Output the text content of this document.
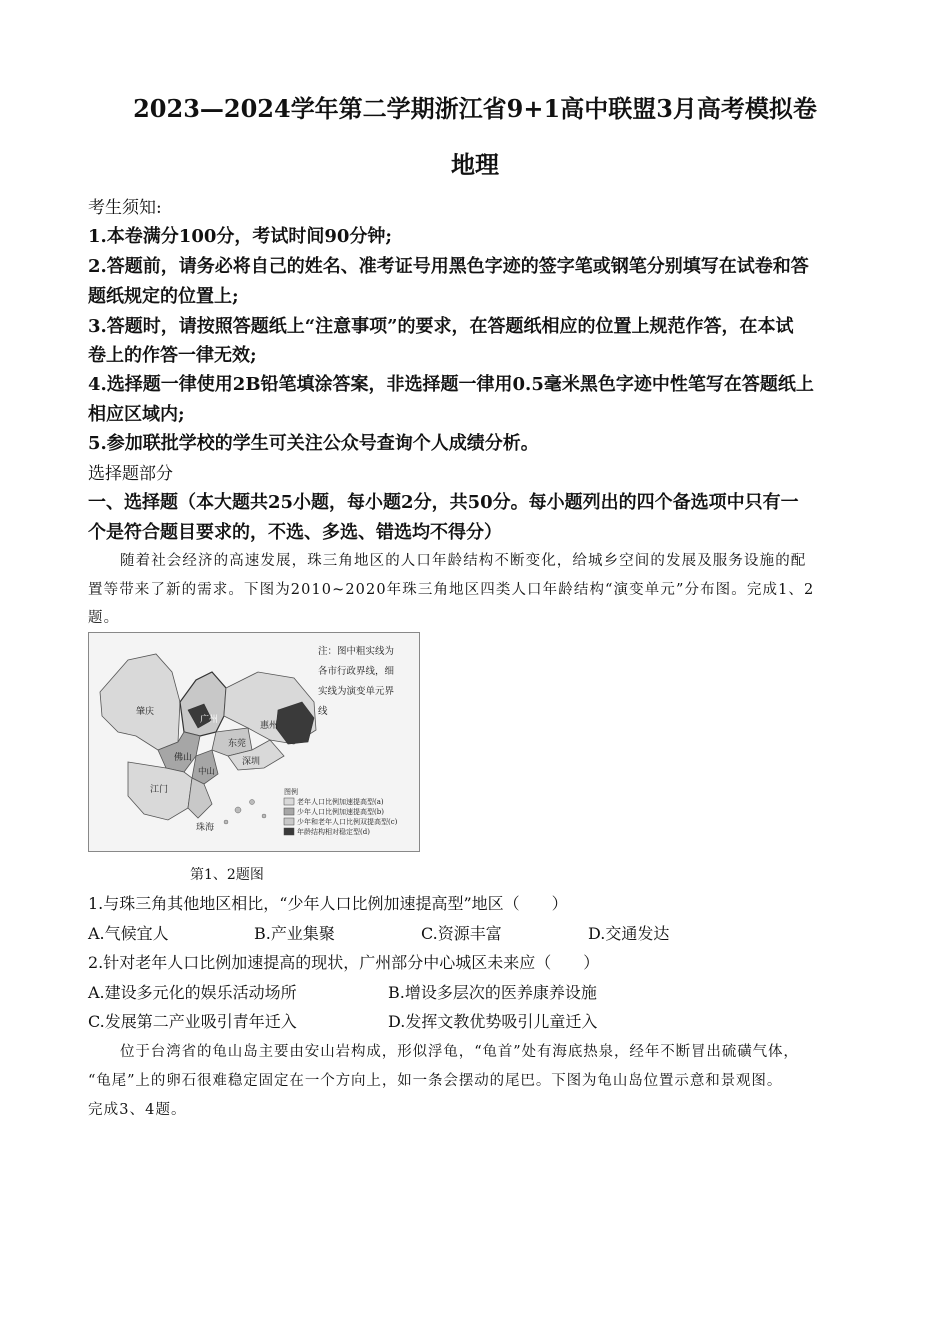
2023—2024学年第二学期浙江省9+1高中联盟3月高考模拟卷
地理
考生须知:
1.本卷满分100分，考试时间90分钟;
2.答题前，请务必将自己的姓名、准考证号用黑色字迹的签字笔或钢笔分别填写在试卷和答
题纸规定的位置上;
3.答题时，请按照答题纸上“注意事项”的要求，在答题纸相应的位置上规范作答，在本试
卷上的作答一律无效;
4.选择题一律使用2B铅笔填涂答案，非选择题一律用0.5毫米黑色字迹中性笔写在答题纸上
相应区域内;
5.参加联批学校的学生可关注公众号查询个人成绩分析。
选择题部分
一、选择题（本大题共25小题，每小题2分，共50分。每小题列出的四个备选项中只有一
个是符合题目要求的，不选、多选、错选均不得分）
随着社会经济的高速发展，珠三角地区的人口年龄结构不断变化，给城乡空间的发展及服务设施的配
置等带来了新的需求。下图为2010~2020年珠三角地区四类人口年龄结构“演变单元”分布图。完成1、2
题。
肇庆
广州
惠州
佛山
东莞
深圳
中山
江门
珠海
注：图中粗实线为
各市行政界线，细
实线为演变单元界
线
图例
老年人口比例加速提高型(a)
少年人口比例加速提高型(b)
少年和老年人口比例双提高型(c)
年龄结构相对稳定型(d)
第1、2题图
1.与珠三角其他地区相比，“少年人口比例加速提高型”地区（　　）
A.气候宜人	B.产业集聚	C.资源丰富	D.交通发达
2.针对老年人口比例加速提高的现状，广州部分中心城区未来应（　　）
A.建设多元化的娱乐活动场所	B.增设多层次的医养康养设施
C.发展第二产业吸引青年迁入	D.发挥文教优势吸引儿童迁入
位于台湾省的龟山岛主要由安山岩构成，形似浮龟，“龟首”处有海底热泉，经年不断冒出硫磺气体，
“龟尾”上的卵石很难稳定固定在一个方向上，如一条会摆动的尾巴。下图为龟山岛位置示意和景观图。
完成3、4题。
